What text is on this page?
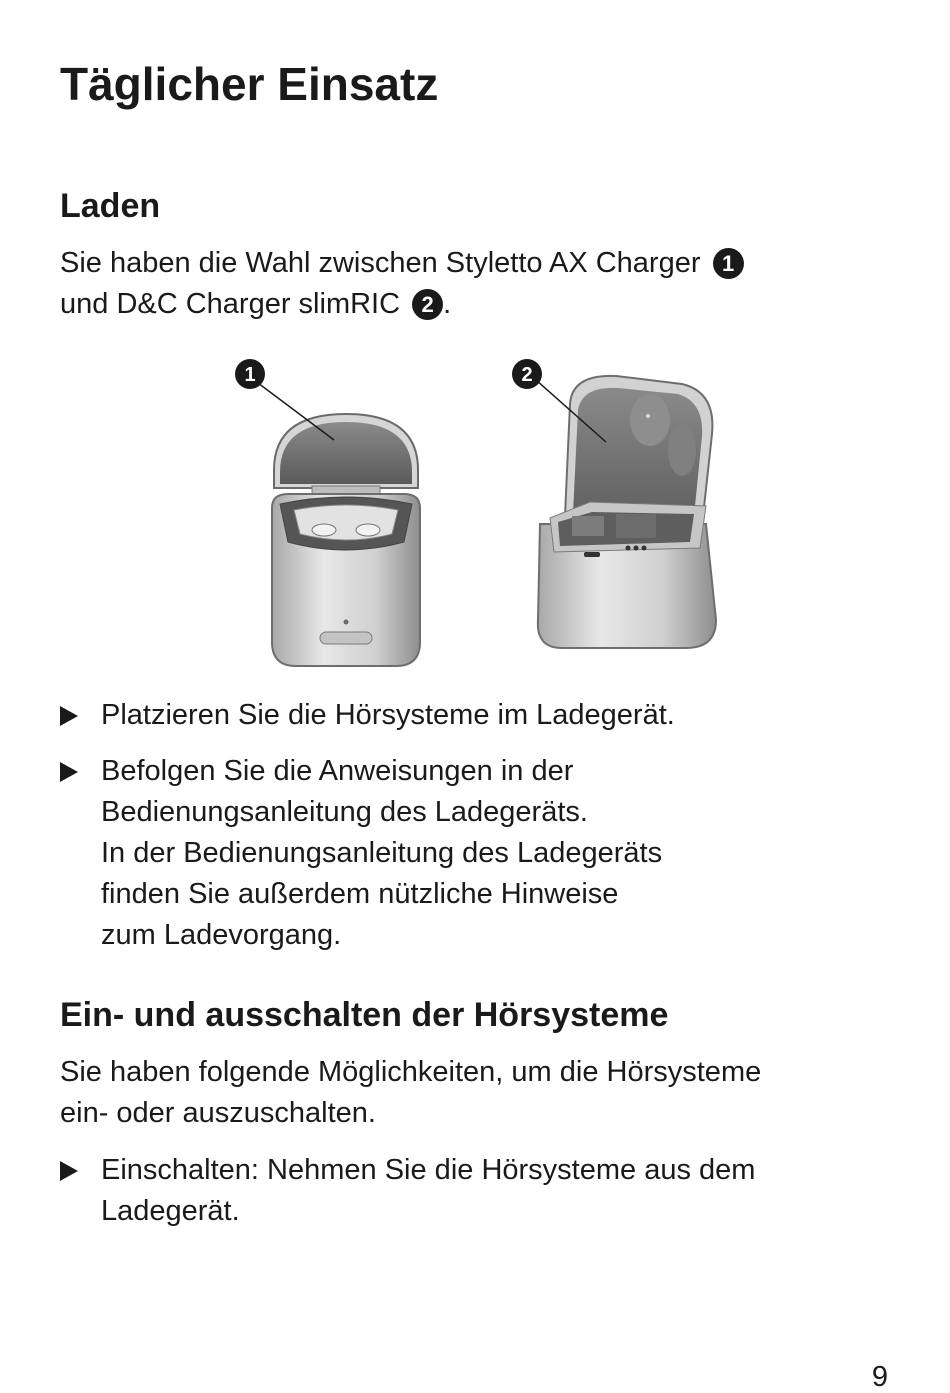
Täglicher Einsatz
Laden

Sie haben die Wahl zwischen Styletto AX Charger 1
und D&C Charger slimRIC 2 .

1	2
Platzieren Sie die Hörsysteme im Ladegerät.
Befolgen Sie die Anweisungen in der
Bedienungsanleitung des Ladegeräts.
In der Bedienungsanleitung des Ladegeräts
finden Sie außerdem nützliche Hinweise
zum Ladevorgang.
Ein- und ausschalten der Hörsysteme

Sie haben folgende Möglichkeiten, um die Hörsysteme
ein- oder auszuschalten.

Einschalten: Nehmen Sie die Hörsysteme aus dem
Ladegerät.
9
